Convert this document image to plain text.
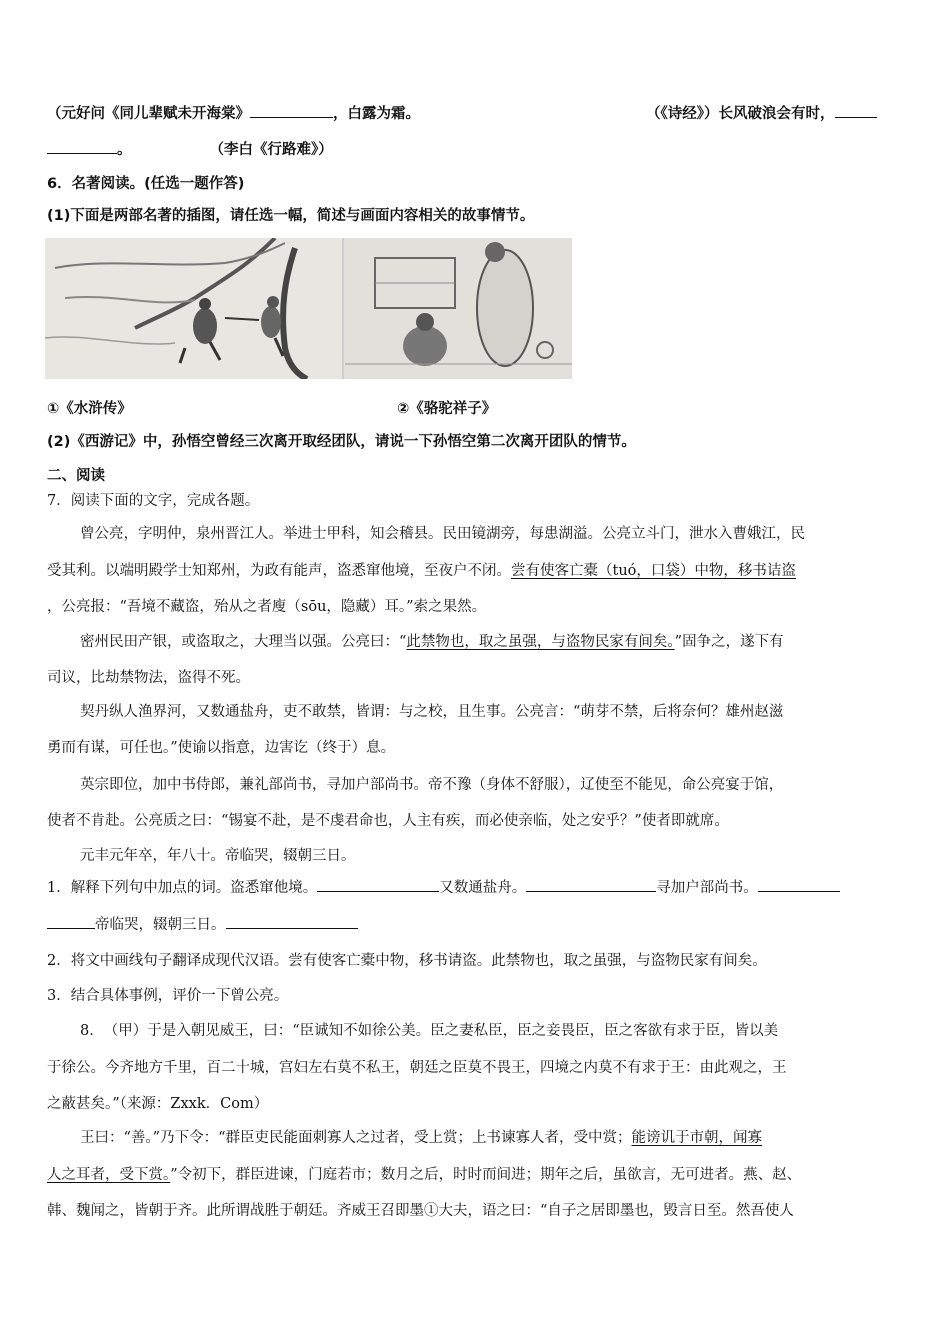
（元好问《同儿辈赋未开海棠》	，白露为霜。	（《诗经》）长风破浪会有时，
。	（李白《行路难》）
6．名著阅读。(任选一题作答)
(1)下面是两部名著的插图，请任选一幅，简述与画面内容相关的故事情节。
①《水浒传》	②《骆驼祥子》
(2)《西游记》中，孙悟空曾经三次离开取经团队，请说一下孙悟空第二次离开团队的情节。
二、阅读
7．阅读下面的文字，完成各题。
曾公亮，字明仲，泉州晋江人。举进士甲科，知会稽县。民田镜湖旁，每患湖溢。公亮立斗门，泄水入曹娥江，民
受其利。以端明殿学士知郑州，为政有能声，盗悉窜他境，至夜户不闭。尝有使客亡橐（tuó，口袋）中物，移书诘盗
，公亮报：“吾境不藏盗，殆从之者廋（sōu，隐藏）耳。”索之果然。
密州民田产银，或盗取之，大理当以强。公亮曰：“此禁物也，取之虽强，与盗物民家有间矣。”固争之，遂下有
司议，比劫禁物法，盗得不死。
契丹纵人渔界河，又数通盐舟，吏不敢禁，皆谓：与之校，且生事。公亮言：“萌芽不禁，后将奈何？雄州赵滋
勇而有谋，可任也。”使谕以指意，边害讫（终于）息。
英宗即位，加中书侍郎，兼礼部尚书，寻加户部尚书。帝不豫（身体不舒服），辽使至不能见，命公亮宴于馆，
使者不肯赴。公亮质之曰：“锡宴不赴，是不虔君命也，人主有疾，而必使亲临，处之安乎？”使者即就席。
元丰元年卒，年八十。帝临哭，辍朝三日。
1．解释下列句中加点的词。盗悉窜他境。	又数通盐舟。	寻加户部尚书。
帝临哭，辍朝三日。
2．将文中画线句子翻译成现代汉语。尝有使客亡橐中物，移书请盗。此禁物也，取之虽强，与盗物民家有间矣。
3．结合具体事例，评价一下曾公亮。
8．　（甲）于是入朝见威王，曰：“臣诚知不如徐公美。臣之妻私臣，臣之妾畏臣，臣之客欲有求于臣，皆以美
于徐公。今齐地方千里，百二十城，宫妇左右莫不私王，朝廷之臣莫不畏王，四境之内莫不有求于王：由此观之，王
之蔽甚矣。”（来源：Zxxk．Com）
王曰：“善。”乃下令：“群臣吏民能面刺寡人之过者，受上赏；上书谏寡人者，受中赏；能谤讥于市朝，闻寡
人之耳者，受下赏。”令初下，群臣进谏，门庭若市；数月之后，时时而间进；期年之后，虽欲言，无可进者。燕、赵、
韩、魏闻之，皆朝于齐。此所谓战胜于朝廷。齐威王召即墨①大夫，语之曰：“自子之居即墨也，毁言日至。然吾使人
